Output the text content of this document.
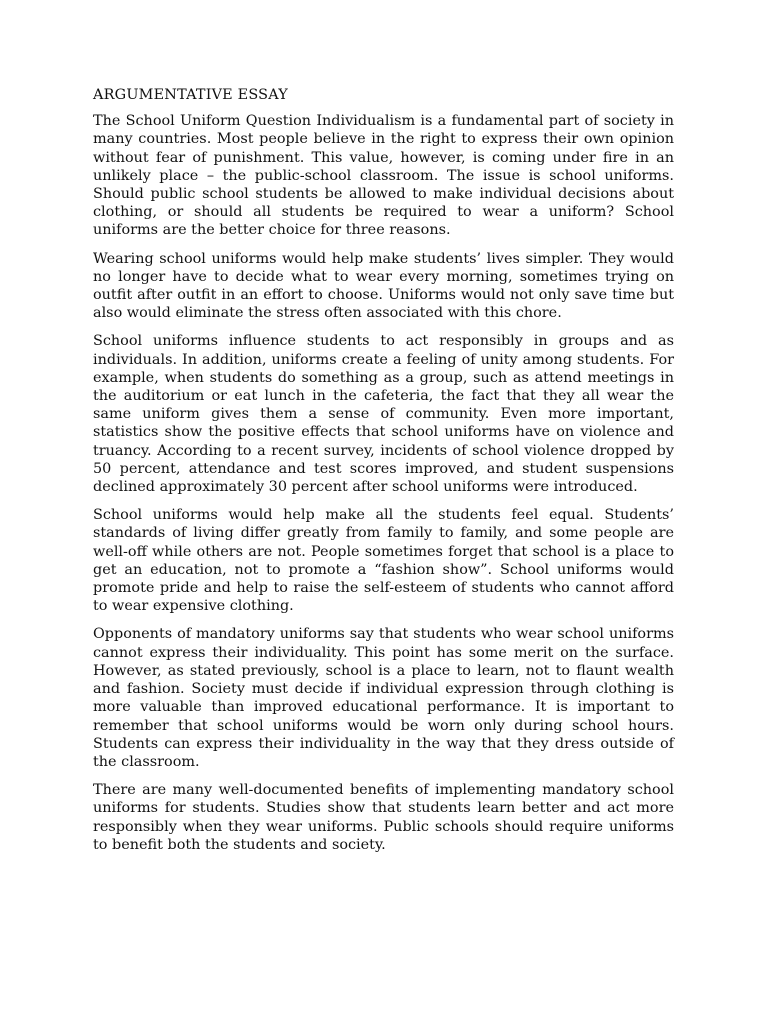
ARGUMENTATIVE ESSAY

The School Uniform Question Individualism is a fundamental part of society in many countries. Most people believe in the right to express their own opinion without fear of punishment. This value, however, is coming under fire in an unlikely place – the public-school classroom. The issue is school uniforms. Should public school students be allowed to make individual decisions about clothing, or should all students be required to wear a uniform? School uniforms are the better choice for three reasons.

Wearing school uniforms would help make students’ lives simpler. They would no longer have to decide what to wear every morning, sometimes trying on outfit after outfit in an effort to choose. Uniforms would not only save time but also would eliminate the stress often associated with this chore.

School uniforms influence students to act responsibly in groups and as individuals. In addition, uniforms create a feeling of unity among students. For example, when students do something as a group, such as attend meetings in the auditorium or eat lunch in the cafeteria, the fact that they all wear the same uniform gives them a sense of community. Even more important, statistics show the positive effects that school uniforms have on violence and truancy. According to a recent survey, incidents of school violence dropped by 50 percent, attendance and test scores improved, and student suspensions declined approximately 30 percent after school uniforms were introduced.

School uniforms would help make all the students feel equal. Students’ standards of living differ greatly from family to family, and some people are well-off while others are not. People sometimes forget that school is a place to get an education, not to promote a “fashion show”. School uniforms would promote pride and help to raise the self-esteem of students who cannot afford to wear expensive clothing.

Opponents of mandatory uniforms say that students who wear school uniforms cannot express their individuality. This point has some merit on the surface. However, as stated previously, school is a place to learn, not to flaunt wealth and fashion. Society must decide if individual expression through clothing is more valuable than improved educational performance. It is important to remember that school uniforms would be worn only during school hours. Students can express their individuality in the way that they dress outside of the classroom.

There are many well-documented benefits of implementing mandatory school uniforms for students. Studies show that students learn better and act more responsibly when they wear uniforms. Public schools should require uniforms to benefit both the students and society.
